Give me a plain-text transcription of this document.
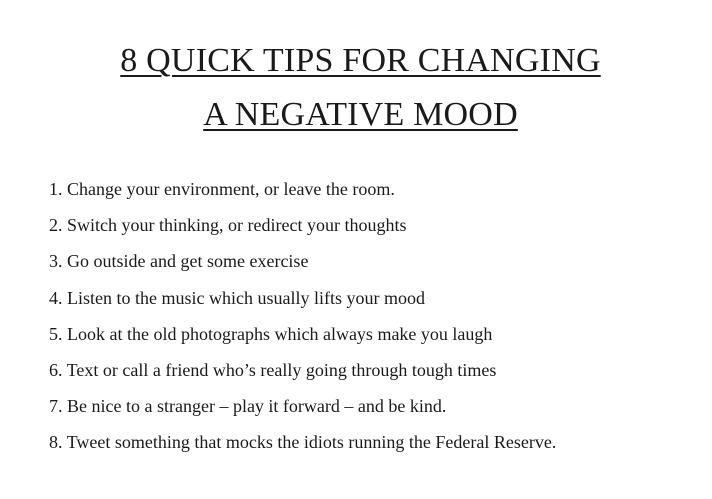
8 QUICK TIPS FOR CHANGING
A NEGATIVE MOOD
1. Change your environment, or leave the room.
2. Switch your thinking, or redirect your thoughts
3. Go outside and get some exercise
4. Listen to the music which usually lifts your mood
5. Look at the old photographs which always make you laugh
6. Text or call a friend who’s really going through tough times
7. Be nice to a stranger – play it forward – and be kind.
8. Tweet something that mocks the idiots running the Federal Reserve.
